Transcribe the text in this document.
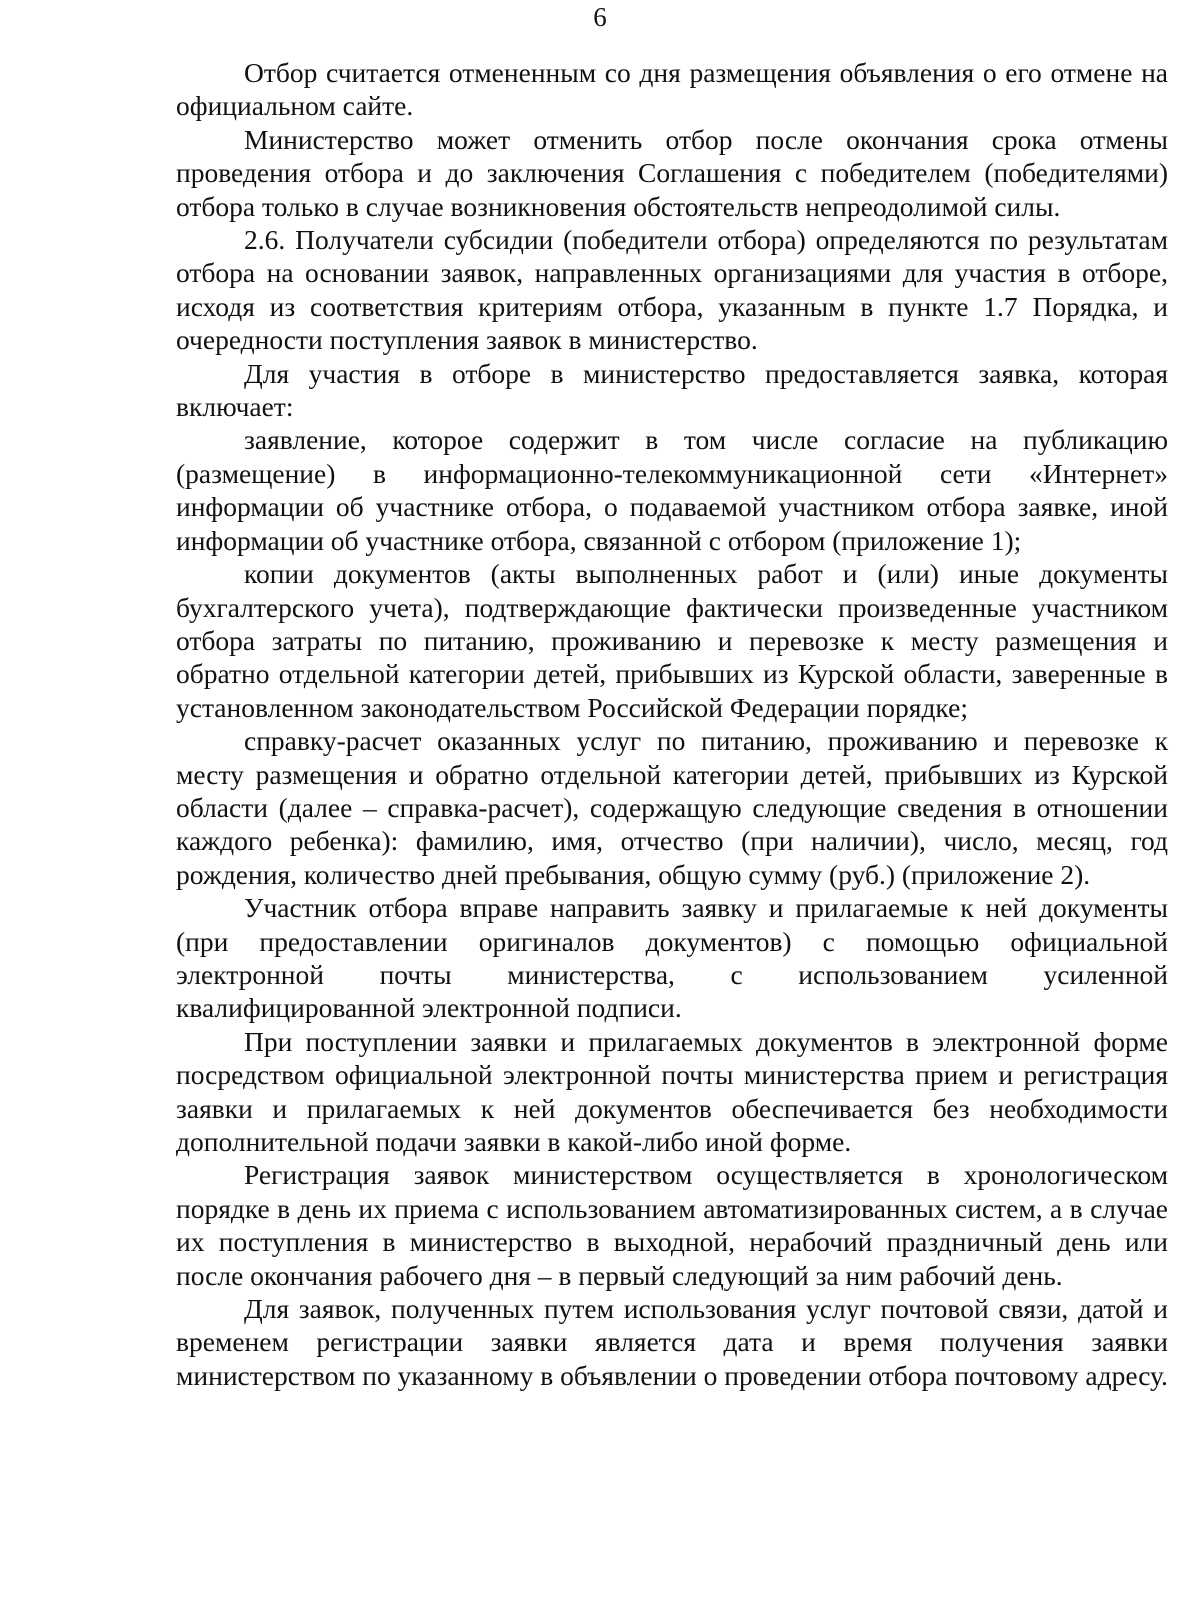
6

Отбор считается отмененным со дня размещения объявления о его отмене на официальном сайте.

Министерство может отменить отбор после окончания срока отмены проведения отбора и до заключения Соглашения с победителем (победителями) отбора только в случае возникновения обстоятельств непреодолимой силы.

2.6. Получатели субсидии (победители отбора) определяются по результатам отбора на основании заявок, направленных организациями для участия в отборе, исходя из соответствия критериям отбора, указанным в пункте 1.7 Порядка, и очередности поступления заявок в министерство.

Для участия в отборе в министерство предоставляется заявка, которая включает:

заявление, которое содержит в том числе согласие на публикацию (размещение) в информационно-телекоммуникационной сети «Интернет» информации об участнике отбора, о подаваемой участником отбора заявке, иной информации об участнике отбора, связанной с отбором (приложение 1);

копии документов (акты выполненных работ и (или) иные документы бухгалтерского учета), подтверждающие фактически произведенные участником отбора затраты по питанию, проживанию и перевозке к месту размещения и обратно отдельной категории детей, прибывших из Курской области, заверенные в установленном законодательством Российской Федерации порядке;

справку-расчет оказанных услуг по питанию, проживанию и перевозке к месту размещения и обратно отдельной категории детей, прибывших из Курской области (далее – справка-расчет), содержащую следующие сведения в отношении каждого ребенка): фамилию, имя, отчество (при наличии), число, месяц, год рождения, количество дней пребывания, общую сумму (руб.) (приложение 2).

Участник отбора вправе направить заявку и прилагаемые к ней документы (при предоставлении оригиналов документов) с помощью официальной электронной почты министерства, с использованием усиленной квалифицированной электронной подписи.

При поступлении заявки и прилагаемых документов в электронной форме посредством официальной электронной почты министерства прием и регистрация заявки и прилагаемых к ней документов обеспечивается без необходимости дополнительной подачи заявки в какой-либо иной форме.

Регистрация заявок министерством осуществляется в хронологическом порядке в день их приема с использованием автоматизированных систем, а в случае их поступления в министерство в выходной, нерабочий праздничный день или после окончания рабочего дня – в первый следующий за ним рабочий день.

Для заявок, полученных путем использования услуг почтовой связи, датой и временем регистрации заявки является дата и время получения заявки министерством по указанному в объявлении о проведении отбора почтовому адресу.
